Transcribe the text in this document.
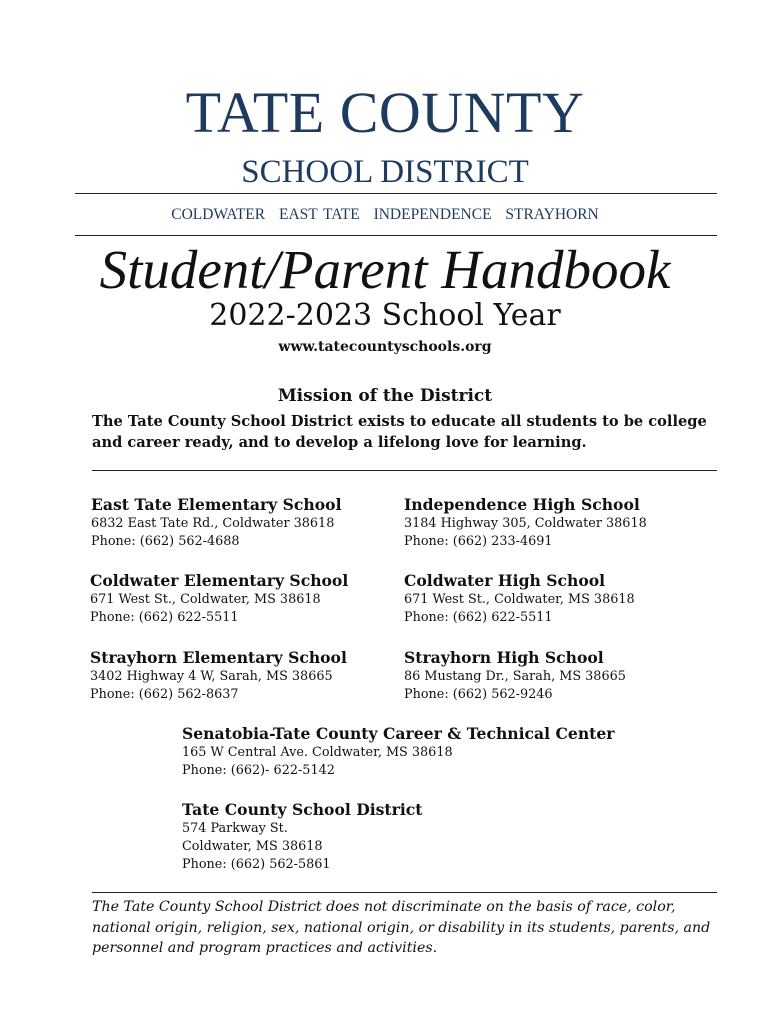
TATE COUNTY
SCHOOL DISTRICT
COLDWATER EAST TATE INDEPENDENCE STRAYHORN
Student/Parent Handbook
2022-2023 School Year
www.tatecountyschools.org
Mission of the District
The Tate County School District exists to educate all students to be college and career ready, and to develop a lifelong love for learning.
East Tate Elementary School
6832 East Tate Rd., Coldwater 38618
Phone: (662) 562-4688
Independence High School
3184 Highway 305, Coldwater 38618
Phone: (662) 233-4691
Coldwater Elementary School
671 West St., Coldwater, MS 38618
Phone: (662) 622-5511
Coldwater High School
671 West St., Coldwater, MS 38618
Phone: (662) 622-5511
Strayhorn Elementary School
3402 Highway 4 W, Sarah, MS 38665
Phone: (662) 562-8637
Strayhorn High School
86 Mustang Dr., Sarah, MS 38665
Phone: (662) 562-9246
Senatobia-Tate County Career & Technical Center
165 W Central Ave. Coldwater, MS 38618
Phone: (662)- 622-5142
Tate County School District
574 Parkway St.
Coldwater, MS 38618
Phone: (662) 562-5861
The Tate County School District does not discriminate on the basis of race, color, national origin, religion, sex, national origin, or disability in its students, parents, and personnel and program practices and activities.
